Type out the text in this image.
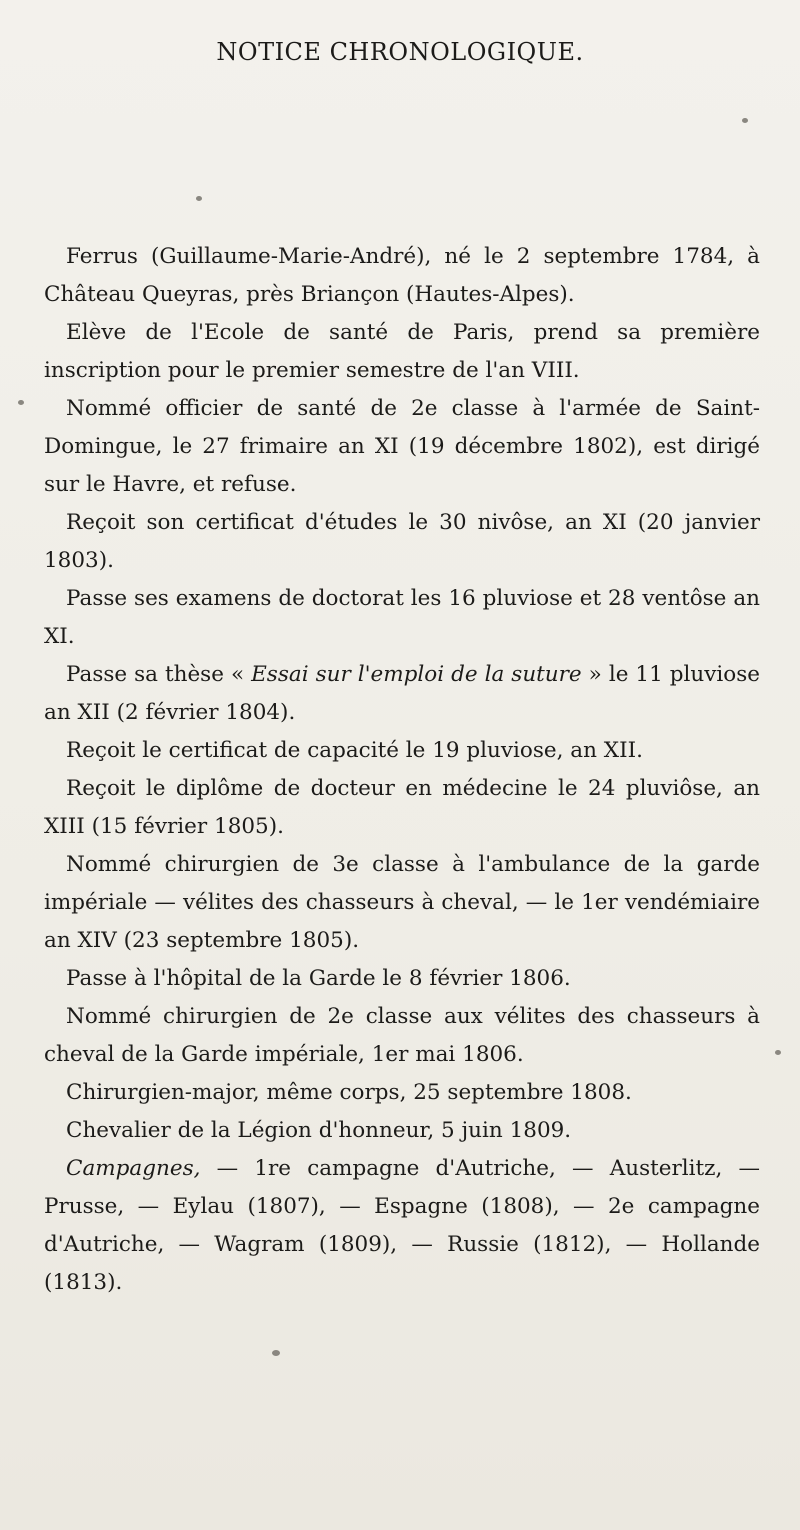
NOTICE CHRONOLOGIQUE.

Ferrus (Guillaume-Marie-André), né le 2 septembre 1784, à Château Queyras, près Briançon (Hautes-Alpes).

Elève de l'Ecole de santé de Paris, prend sa première inscription pour le premier semestre de l'an VIII.

Nommé officier de santé de 2e classe à l'armée de Saint-Domingue, le 27 frimaire an XI (19 décembre 1802), est dirigé sur le Havre, et refuse.

Reçoit son certificat d'études le 30 nivôse, an XI (20 janvier 1803).

Passe ses examens de doctorat les 16 pluviose et 28 ventôse an XI.

Passe sa thèse « Essai sur l'emploi de la suture » le 11 pluviose an XII (2 février 1804).

Reçoit le certificat de capacité le 19 pluviose, an XII.

Reçoit le diplôme de docteur en médecine le 24 pluviôse, an XIII (15 février 1805).

Nommé chirurgien de 3e classe à l'ambulance de la garde impériale — vélites des chasseurs à cheval, — le 1er vendémiaire an XIV (23 septembre 1805).

Passe à l'hôpital de la Garde le 8 février 1806.

Nommé chirurgien de 2e classe aux vélites des chasseurs à cheval de la Garde impériale, 1er mai 1806.

Chirurgien-major, même corps, 25 septembre 1808.

Chevalier de la Légion d'honneur, 5 juin 1809.

Campagnes, — 1re campagne d'Autriche, — Austerlitz, — Prusse, — Eylau (1807), — Espagne (1808), — 2e campagne d'Autriche, — Wagram (1809), — Russie (1812), — Hollande (1813).
